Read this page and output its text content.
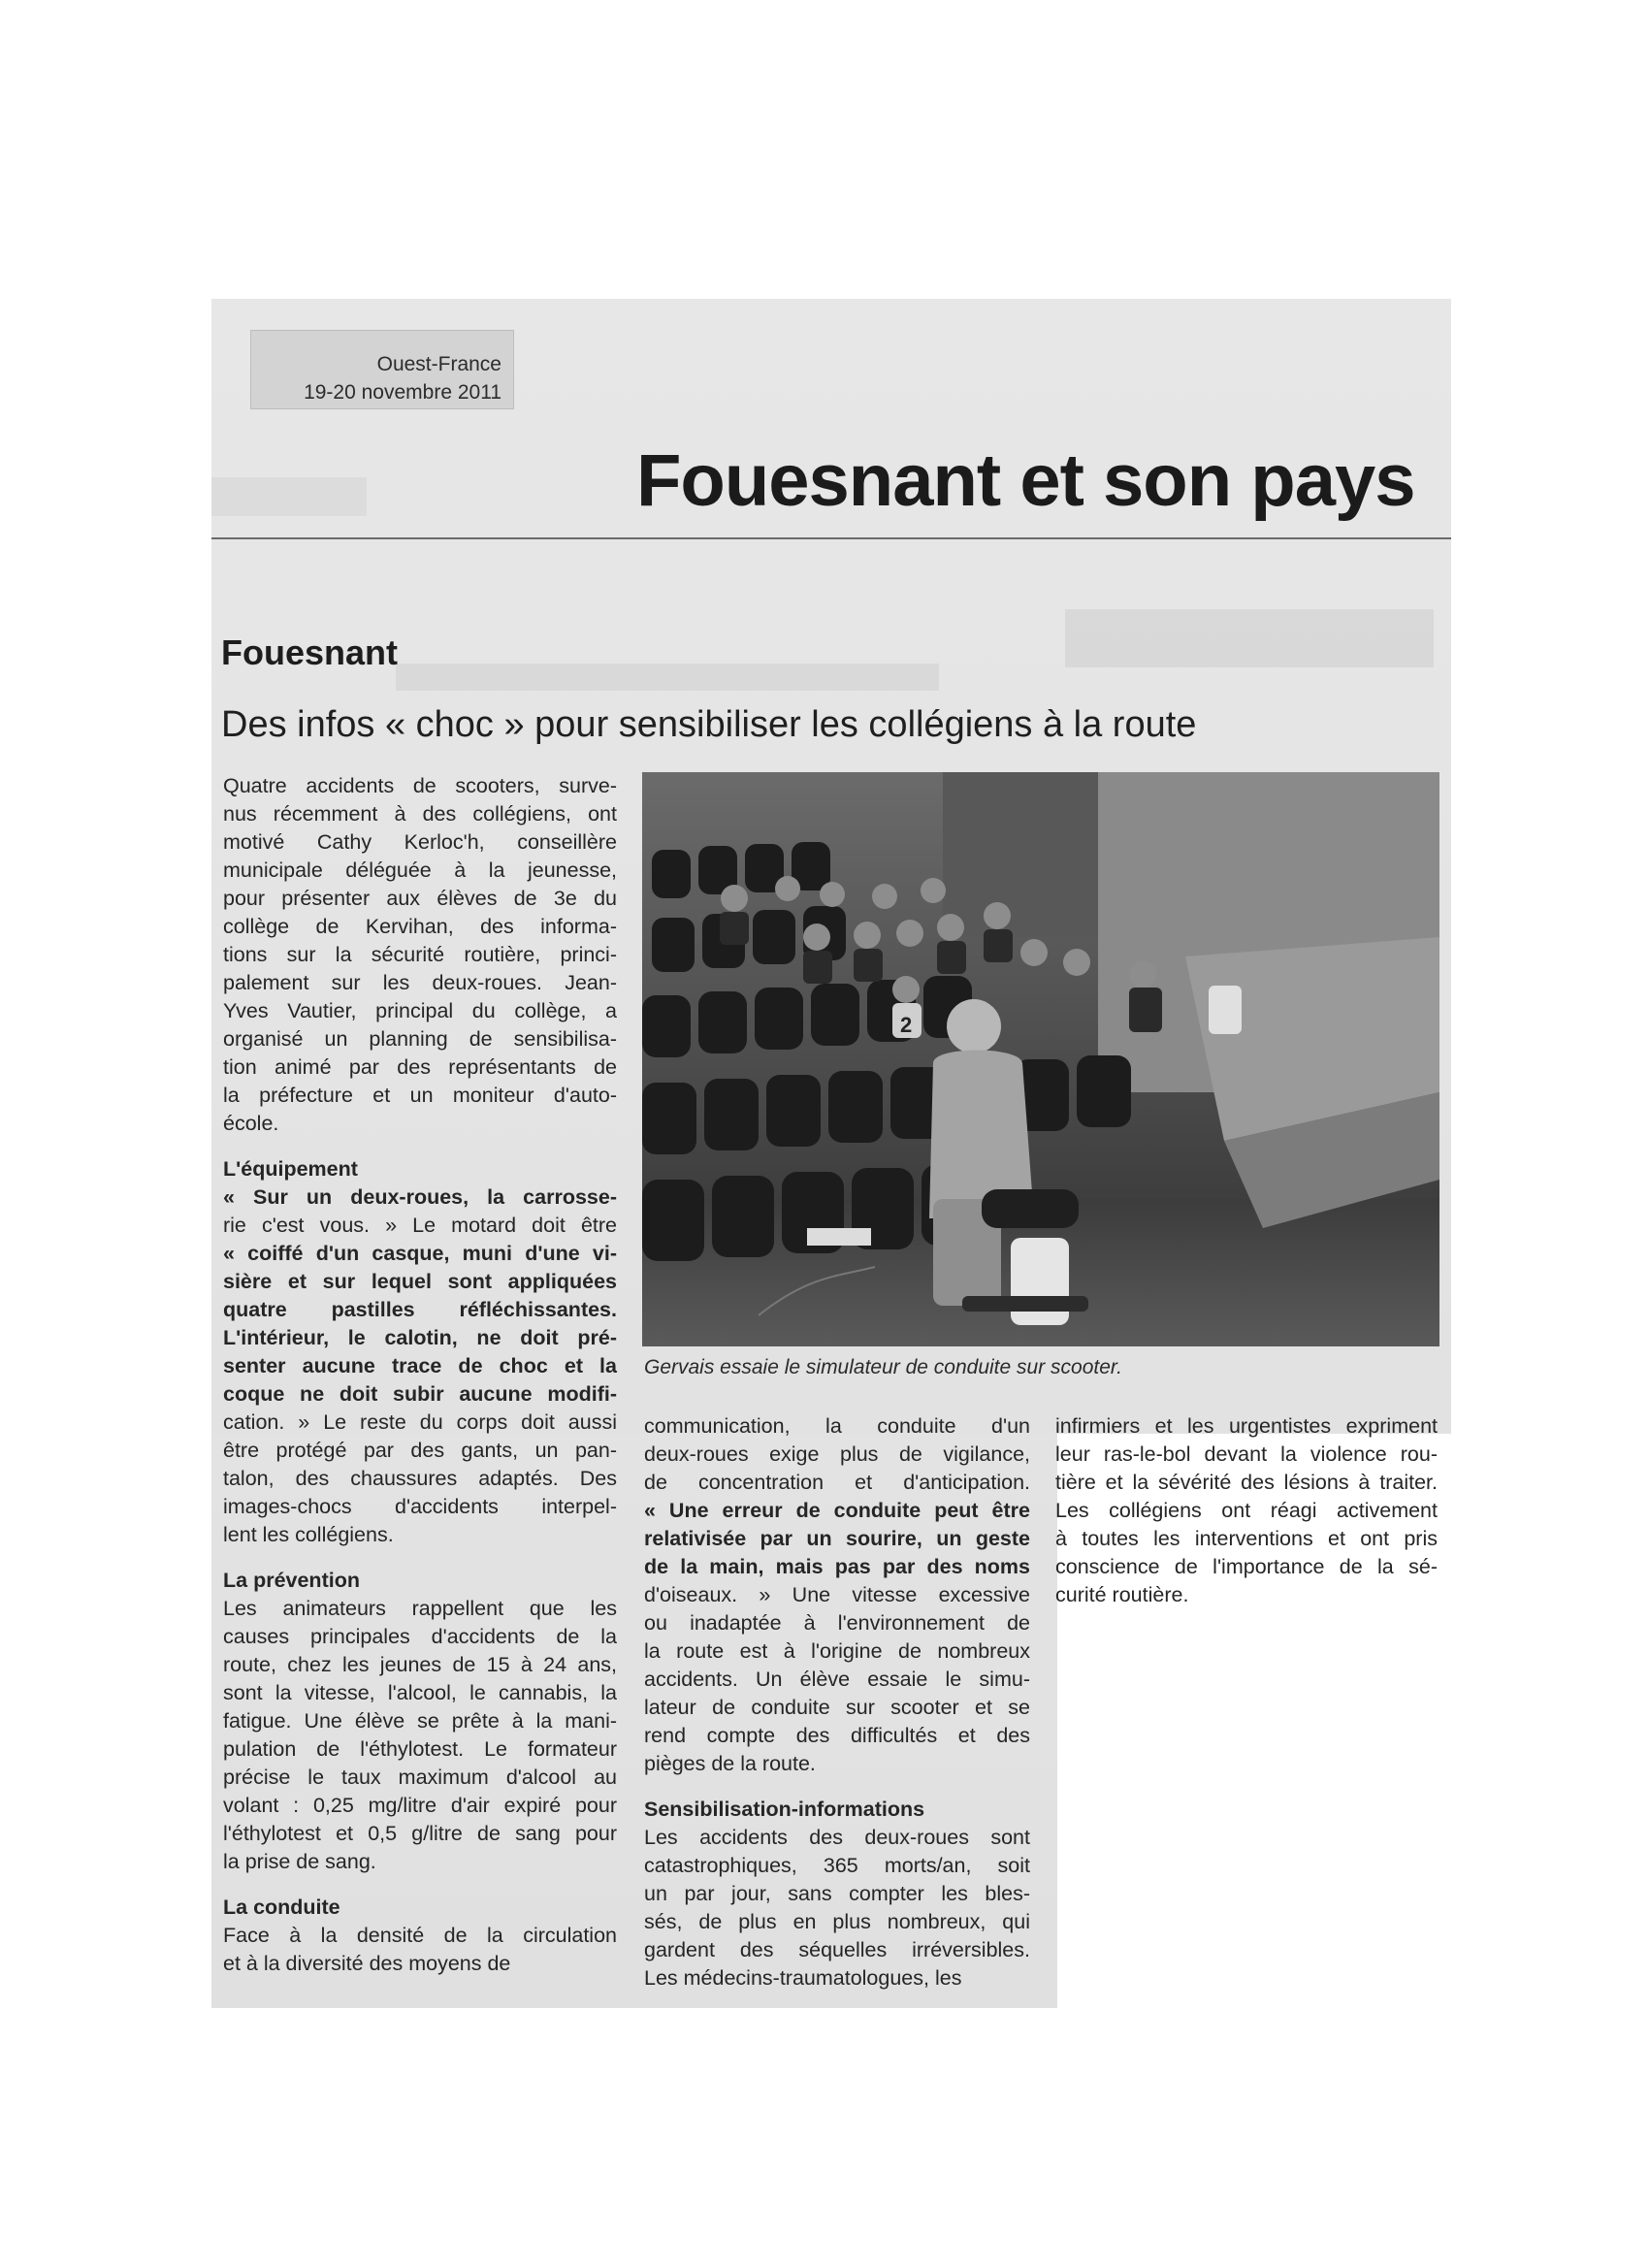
Ouest-France
19-20 novembre 2011
Fouesnant et son pays
Fouesnant
Des infos « choc » pour sensibiliser les collégiens à la route

Quatre accidents de scooters, surve-
nus récemment à des collégiens, ont
motivé Cathy Kerloc'h, conseillère
municipale déléguée à la jeunesse,
pour présenter aux élèves de 3e du
collège de Kervihan, des informa-
tions sur la sécurité routière, princi-
palement sur les deux-roues. Jean-
Yves Vautier, principal du collège, a
organisé un planning de sensibilisa-
tion animé par des représentants de
la préfecture et un moniteur d'auto-
école.

L'équipement

« Sur un deux-roues, la carrosse-
rie c'est vous. » Le motard doit être
« coiffé d'un casque, muni d'une vi-
sière et sur lequel sont appliquées
quatre pastilles réfléchissantes.
L'intérieur, le calotin, ne doit pré-
senter aucune trace de choc et la
coque ne doit subir aucune modifi-
cation. » Le reste du corps doit aussi
être protégé par des gants, un pan-
talon, des chaussures adaptés. Des
images-chocs d'accidents interpel-
lent les collégiens.

La prévention

Les animateurs rappellent que les
causes principales d'accidents de la
route, chez les jeunes de 15 à 24 ans,
sont la vitesse, l'alcool, le cannabis, la
fatigue. Une élève se prête à la mani-
pulation de l'éthylotest. Le formateur
précise le taux maximum d'alcool au
volant : 0,25 mg/litre d'air expiré pour
l'éthylotest et 0,5 g/litre de sang pour
la prise de sang.

La conduite

Face à la densité de la circulation
et à la diversité des moyens de

2
Gervais essaie le simulateur de conduite sur scooter.

communication, la conduite d'un
deux-roues exige plus de vigilance,
de concentration et d'anticipation.
« Une erreur de conduite peut être
relativisée par un sourire, un geste
de la main, mais pas par des noms
d'oiseaux. » Une vitesse excessive
ou inadaptée à l'environnement de
la route est à l'origine de nombreux
accidents. Un élève essaie le simu-
lateur de conduite sur scooter et se
rend compte des difficultés et des
pièges de la route.

Sensibilisation-informations

Les accidents des deux-roues sont
catastrophiques, 365 morts/an, soit
un par jour, sans compter les bles-
sés, de plus en plus nombreux, qui
gardent des séquelles irréversibles.
Les médecins-traumatologues, les

infirmiers et les urgentistes expriment
leur ras-le-bol devant la violence rou-
tière et la sévérité des lésions à traiter.
Les collégiens ont réagi activement
à toutes les interventions et ont pris
conscience de l'importance de la sé-
curité routière.
